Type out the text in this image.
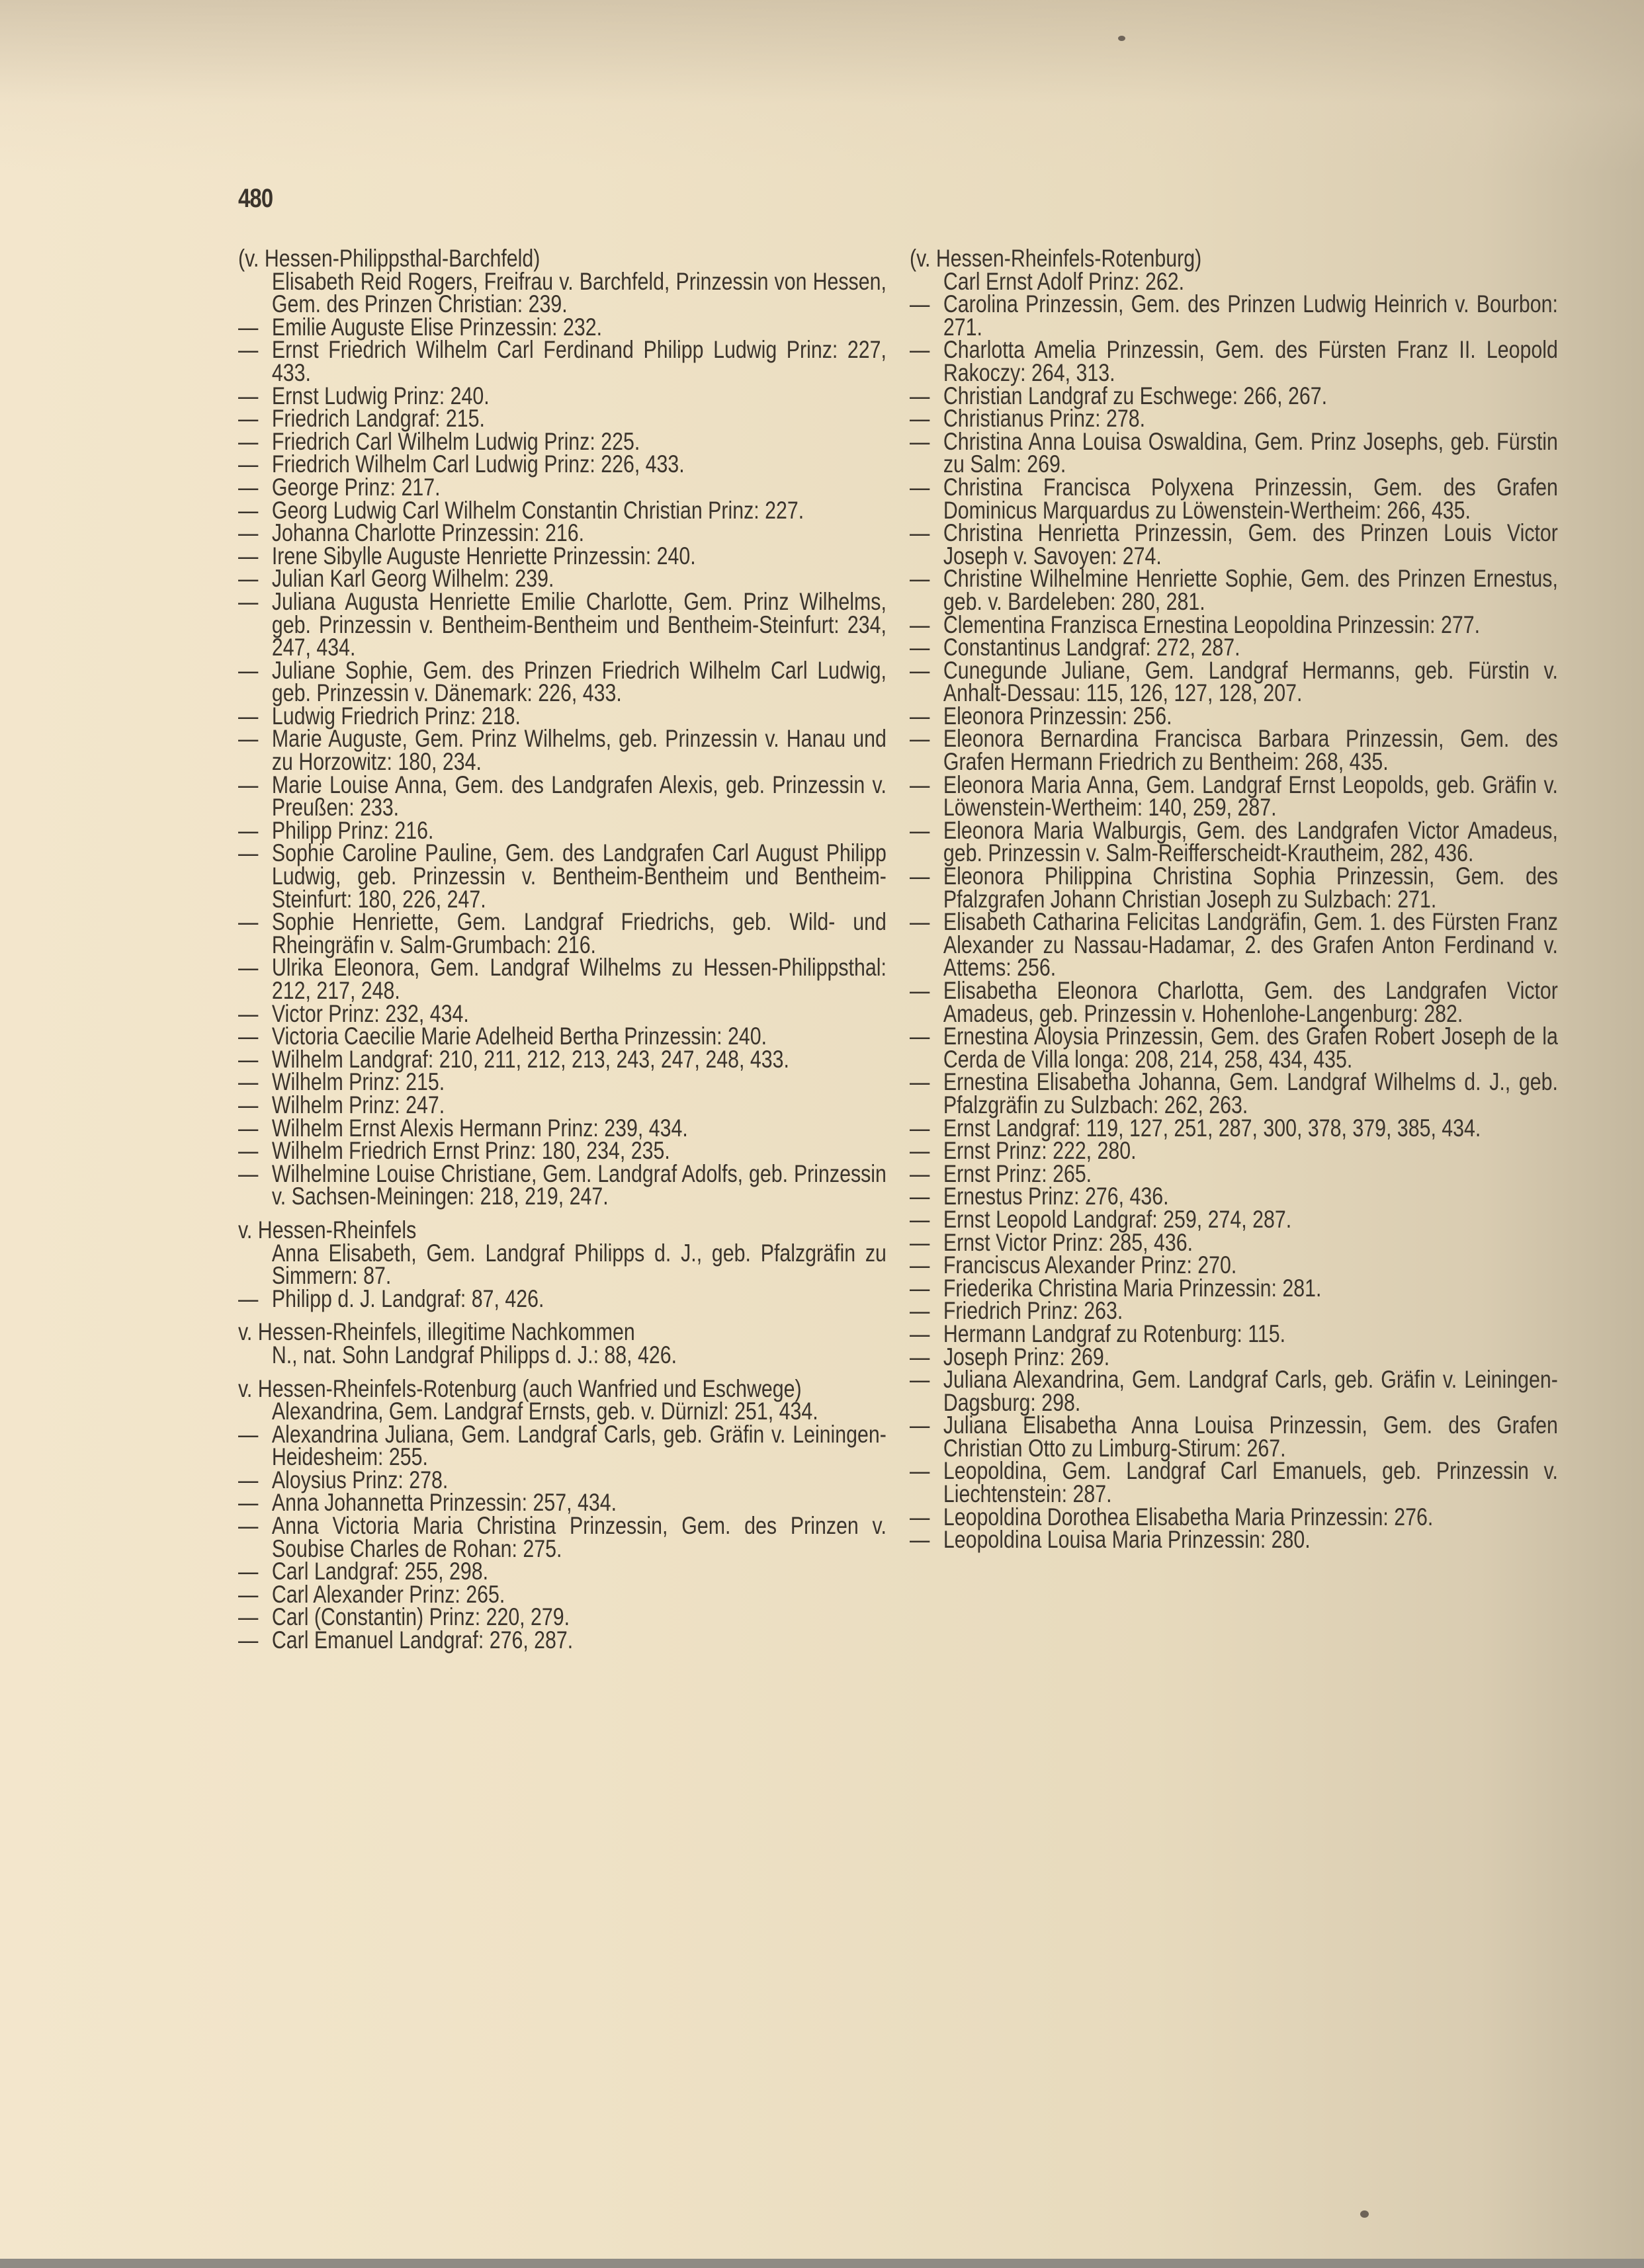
480
(v. Hessen-Philippsthal-Barchfeld)
Elisabeth Reid Rogers, Freifrau v. Barchfeld, Prinzessin von Hessen, Gem. des Prinzen Christian: 239.
— Emilie Auguste Elise Prinzessin: 232.
— Ernst Friedrich Wilhelm Carl Ferdinand Philipp Ludwig Prinz: 227, 433.
— Ernst Ludwig Prinz: 240.
— Friedrich Landgraf: 215.
— Friedrich Carl Wilhelm Ludwig Prinz: 225.
— Friedrich Wilhelm Carl Ludwig Prinz: 226, 433.
— George Prinz: 217.
— Georg Ludwig Carl Wilhelm Constantin Christian Prinz: 227.
— Johanna Charlotte Prinzessin: 216.
— Irene Sibylle Auguste Henriette Prinzessin: 240.
— Julian Karl Georg Wilhelm: 239.
— Juliana Augusta Henriette Emilie Charlotte, Gem. Prinz Wilhelms, geb. Prinzessin v. Bentheim-Bentheim und Bentheim-Steinfurt: 234, 247, 434.
— Juliane Sophie, Gem. des Prinzen Friedrich Wilhelm Carl Ludwig, geb. Prinzessin v. Dänemark: 226, 433.
— Ludwig Friedrich Prinz: 218.
— Marie Auguste, Gem. Prinz Wilhelms, geb. Prinzessin v. Hanau und zu Horzowitz: 180, 234.
— Marie Louise Anna, Gem. des Landgrafen Alexis, geb. Prinzessin v. Preußen: 233.
— Philipp Prinz: 216.
— Sophie Caroline Pauline, Gem. des Landgrafen Carl August Philipp Ludwig, geb. Prinzessin v. Bentheim-Bentheim und Bentheim-Steinfurt: 180, 226, 247.
— Sophie Henriette, Gem. Landgraf Friedrichs, geb. Wild- und Rheingräfin v. Salm-Grumbach: 216.
— Ulrika Eleonora, Gem. Landgraf Wilhelms zu Hessen-Philippsthal: 212, 217, 248.
— Victor Prinz: 232, 434.
— Victoria Caecilie Marie Adelheid Bertha Prinzessin: 240.
— Wilhelm Landgraf: 210, 211, 212, 213, 243, 247, 248, 433.
— Wilhelm Prinz: 215.
— Wilhelm Prinz: 247.
— Wilhelm Ernst Alexis Hermann Prinz: 239, 434.
— Wilhelm Friedrich Ernst Prinz: 180, 234, 235.
— Wilhelmine Louise Christiane, Gem. Landgraf Adolfs, geb. Prinzessin v. Sachsen-Meiningen: 218, 219, 247.
v. Hessen-Rheinfels
Anna Elisabeth, Gem. Landgraf Philipps d. J., geb. Pfalzgräfin zu Simmern: 87.
— Philipp d. J. Landgraf: 87, 426.
v. Hessen-Rheinfels, illegitime Nachkommen
N., nat. Sohn Landgraf Philipps d. J.: 88, 426.
v. Hessen-Rheinfels-Rotenburg (auch Wanfried und Eschwege)
Alexandrina, Gem. Landgraf Ernsts, geb. v. Dürnizl: 251, 434.
— Alexandrina Juliana, Gem. Landgraf Carls, geb. Gräfin v. Leiningen-Heidesheim: 255.
— Aloysius Prinz: 278.
— Anna Johannetta Prinzessin: 257, 434.
— Anna Victoria Maria Christina Prinzessin, Gem. des Prinzen v. Soubise Charles de Rohan: 275.
— Carl Landgraf: 255, 298.
— Carl Alexander Prinz: 265.
— Carl (Constantin) Prinz: 220, 279.
— Carl Emanuel Landgraf: 276, 287.
(v. Hessen-Rheinfels-Rotenburg)
Carl Ernst Adolf Prinz: 262.
— Carolina Prinzessin, Gem. des Prinzen Ludwig Heinrich v. Bourbon: 271.
— Charlotta Amelia Prinzessin, Gem. des Fürsten Franz II. Leopold Rakoczy: 264, 313.
— Christian Landgraf zu Eschwege: 266, 267.
— Christianus Prinz: 278.
— Christina Anna Louisa Oswaldina, Gem. Prinz Josephs, geb. Fürstin zu Salm: 269.
— Christina Francisca Polyxena Prinzessin, Gem. des Grafen Dominicus Marquardus zu Löwenstein-Wertheim: 266, 435.
— Christina Henrietta Prinzessin, Gem. des Prinzen Louis Victor Joseph v. Savoyen: 274.
— Christine Wilhelmine Henriette Sophie, Gem. des Prinzen Ernestus, geb. v. Bardeleben: 280, 281.
— Clementina Franzisca Ernestina Leopoldina Prinzessin: 277.
— Constantinus Landgraf: 272, 287.
— Cunegunde Juliane, Gem. Landgraf Hermanns, geb. Fürstin v. Anhalt-Dessau: 115, 126, 127, 128, 207.
— Eleonora Prinzessin: 256.
— Eleonora Bernardina Francisca Barbara Prinzessin, Gem. des Grafen Hermann Friedrich zu Bentheim: 268, 435.
— Eleonora Maria Anna, Gem. Landgraf Ernst Leopolds, geb. Gräfin v. Löwenstein-Wertheim: 140, 259, 287.
— Eleonora Maria Walburgis, Gem. des Landgrafen Victor Amadeus, geb. Prinzessin v. Salm-Reifferscheidt-Krautheim, 282, 436.
— Eleonora Philippina Christina Sophia Prinzessin, Gem. des Pfalzgrafen Johann Christian Joseph zu Sulzbach: 271.
— Elisabeth Catharina Felicitas Landgräfin, Gem. 1. des Fürsten Franz Alexander zu Nassau-Hadamar, 2. des Grafen Anton Ferdinand v. Attems: 256.
— Elisabetha Eleonora Charlotta, Gem. des Landgrafen Victor Amadeus, geb. Prinzessin v. Hohenlohe-Langenburg: 282.
— Ernestina Aloysia Prinzessin, Gem. des Grafen Robert Joseph de la Cerda de Villa longa: 208, 214, 258, 434, 435.
— Ernestina Elisabetha Johanna, Gem. Landgraf Wilhelms d. J., geb. Pfalzgräfin zu Sulzbach: 262, 263.
— Ernst Landgraf: 119, 127, 251, 287, 300, 378, 379, 385, 434.
— Ernst Prinz: 222, 280.
— Ernst Prinz: 265.
— Ernestus Prinz: 276, 436.
— Ernst Leopold Landgraf: 259, 274, 287.
— Ernst Victor Prinz: 285, 436.
— Franciscus Alexander Prinz: 270.
— Friederika Christina Maria Prinzessin: 281.
— Friedrich Prinz: 263.
— Hermann Landgraf zu Rotenburg: 115.
— Joseph Prinz: 269.
— Juliana Alexandrina, Gem. Landgraf Carls, geb. Gräfin v. Leiningen-Dagsburg: 298.
— Juliana Elisabetha Anna Louisa Prinzessin, Gem. des Grafen Christian Otto zu Limburg-Stirum: 267.
— Leopoldina, Gem. Landgraf Carl Emanuels, geb. Prinzessin v. Liechtenstein: 287.
— Leopoldina Dorothea Elisabetha Maria Prinzessin: 276.
— Leopoldina Louisa Maria Prinzessin: 280.
